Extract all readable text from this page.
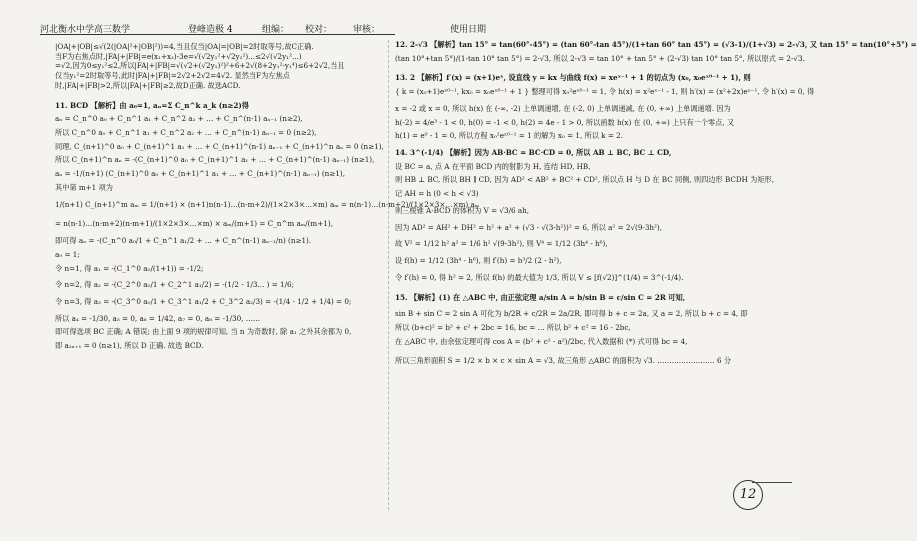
河北衡水中学高三数学	登峰造极 4	组编： 校对： 审核：	使用日期

|OA|+|OB|≤√(2(|OA|²+|OB|²))=4,当且仅当|OA|=|OB|=2时取等号,故C正确.

当F为右焦点时,|FA|+|FB|=e(x₁+x₂)-3e=√(√2y₁²+√2y₂²)...≤2√(√2y₁²...)

=√2,因为0≤y₁²≤2,所以|FA|+|FB|=√(√2+(√2y₁)²)²+6+2√(8+2y₁²-y₁⁴)≤6+2√2,当且

仅当y₁²=2时取等号,此时|FA|+|FB|=2√2+2√2=4√2. 显然当F为左焦点

时,|FA|+|FB|>2,所以|FA|+|FB|≥2,故D正确. 故选ACD.

11. BCD 【解析】由 a₀=1, aₙ=Σ C_n^k a_k (n≥2)得

aₙ = C_n^0 a₀ + C_n^1 a₁ + C_n^2 a₂ + … + C_n^(n-1) aₙ₋₁ (n≥2),

所以 C_n^0 a₀ + C_n^1 a₁ + C_n^2 a₂ + … + C_n^(n-1) aₙ₋₁ = 0 (n≥2),

同理, C_(n+1)^0 a₀ + C_(n+1)^1 a₁ + … + C_(n+1)^(n-1) aₙ₋₁ + C_(n+1)^n aₙ = 0 (n≥1),

所以 C_(n+1)^n aₙ = -(C_(n+1)^0 a₀ + C_(n+1)^1 a₁ + … + C_(n+1)^(n-1) aₙ₋₁) (n≥1),

aₙ = -1/(n+1) (C_(n+1)^0 a₀ + C_(n+1)^1 a₁ + … + C_(n+1)^(n-1) aₙ₋₁) (n≥1),

其中第 m+1 项为

1/(n+1) C_(n+1)^m aₘ = 1/(n+1) × (n+1)n(n-1)…(n-m+2)/(1×2×3×…×m) aₘ = n(n-1)…(n-m+2)/(1×2×3×…×m) aₘ

= n(n-1)…(n-m+2)(n-m+1)/(1×2×3×…×m) × aₘ/(m+1) = C_n^m aₘ/(m+1),

即可得 aₙ = -(C_n^0 a₀/1 + C_n^1 a₁/2 + … + C_n^(n-1) aₙ₋₁/n) (n≥1).

a₀ = 1;

令 n=1, 得 a₁ = -(C_1^0 a₀/(1+1)) = -1/2;

令 n=2, 得 a₂ = -(C_2^0 a₀/1 + C_2^1 a₁/2) = -(1/2 - 1/3... ) = 1/6;

令 n=3, 得 a₃ = -(C_3^0 a₀/1 + C_3^1 a₁/2 + C_3^2 a₂/3) = -(1/4 - 1/2 + 1/4) = 0;

所以 a₄ = -1/30, a₅ = 0, a₆ = 1/42, a₇ = 0, a₈ = -1/30, ……

即可得选项 BC 正确; A 错误; 由上面 9 项的规律可知, 当 n 为奇数时, 除 a₁ 之外其余都为 0,

即 a₂ₙ₊₁ = 0 (n≥1), 所以 D 正确. 故选 BCD.

12. 2-√3 【解析】tan 15° = tan(60°-45°) = (tan 60°-tan 45°)/(1+tan 60° tan 45°) = (√3-1)/(1+√3) = 2-√3, 又 tan 15° = tan(10°+5°) =

(tan 10°+tan 5°)/(1-tan 10° tan 5°) = 2-√3, 所以 2-√3 = tan 10° + tan 5° + (2-√3) tan 10° tan 5°, 所以原式 = 2-√3.

13. 2 【解析】f′(x) = (x+1)eˣ, 设直线 y = kx 与曲线 f(x) = xeˣ⁻¹ + 1 的切点为 (x₀, x₀eˣ⁰⁻¹ + 1), 则

{ k = (x₀+1)eˣ⁰⁻¹, kx₀ = x₀eˣ⁰⁻¹ + 1 } 整理可得 x₀²eˣ⁰⁻¹ = 1, 令 h(x) = x²eˣ⁻¹ - 1, 则 h′(x) = (x²+2x)eˣ⁻¹, 令 h′(x) = 0, 得

x = -2 或 x = 0, 所以 h(x) 在 (-∞, -2) 上单调递增, 在 (-2, 0) 上单调递减, 在 (0, +∞) 上单调递增. 因为

h(-2) = 4/e³ - 1 < 0, h(0) = -1 < 0, h(2) = 4e - 1 > 0, 所以函数 h(x) 在 (0, +∞) 上只有一个零点, 又

h(1) = e⁰ - 1 = 0, 所以方程 x₀²eˣ⁰⁻¹ = 1 的解为 x₀ = 1, 所以 k = 2.

14. 3^(-1/4) 【解析】因为 AB·BC = BC·CD = 0, 所以 AB ⊥ BC, BC ⊥ CD,

设 BC = a, 点 A 在平面 BCD 内的射影为 H, 连结 HD, HB,

则 HB ⊥ BC, 所以 BH ∥ CD, 因为 AD² < AB² + BC² + CD², 所以点 H 与 D 在 BC 同侧, 则四边形 BCDH 为矩形,

记 AH = h (0 < h < √3)

则三棱锥 A-BCD 的体积为 V = √3/6 ah,

因为 AD² = AH² + DH² = h² + a² + (√3 - √(3-h²))² = 6, 所以 a² = 2√(9-3h²),

故 V² = 1/12 h² a² = 1/6 h² √(9-3h²), 则 V⁴ = 1/12 (3h⁴ - h⁶),

设 f(h) = 1/12 (3h⁴ - h⁶), 则 f′(h) = h³/2 (2 - h²),

令 f′(h) = 0, 得 h² = 2, 所以 f(h) 的最大值为 1/3, 所以 V ≤ [f(√2)]^(1/4) = 3^(-1/4).

15. 【解析】(1) 在 △ABC 中, 由正弦定理 a/sin A = b/sin B = c/sin C = 2R 可知,

sin B + sin C = 2 sin A 可化为 b/2R + c/2R = 2a/2R, 即可得 b + c = 2a, 又 a = 2, 所以 b + c = 4, 即

所以 (b+c)² = b² + c² + 2bc = 16, bc = ... 所以 b² + c² = 16 - 2bc,

在 △ABC 中, 由余弦定理可得 cos A = (b² + c² - a²)/2bc, 代入数据和 (*) 式可得 bc = 4,

所以三角形面积 S = 1/2 × b × c × sin A = √3, 故三角形 △ABC 的面积为 √3. …………………… 6 分

12
